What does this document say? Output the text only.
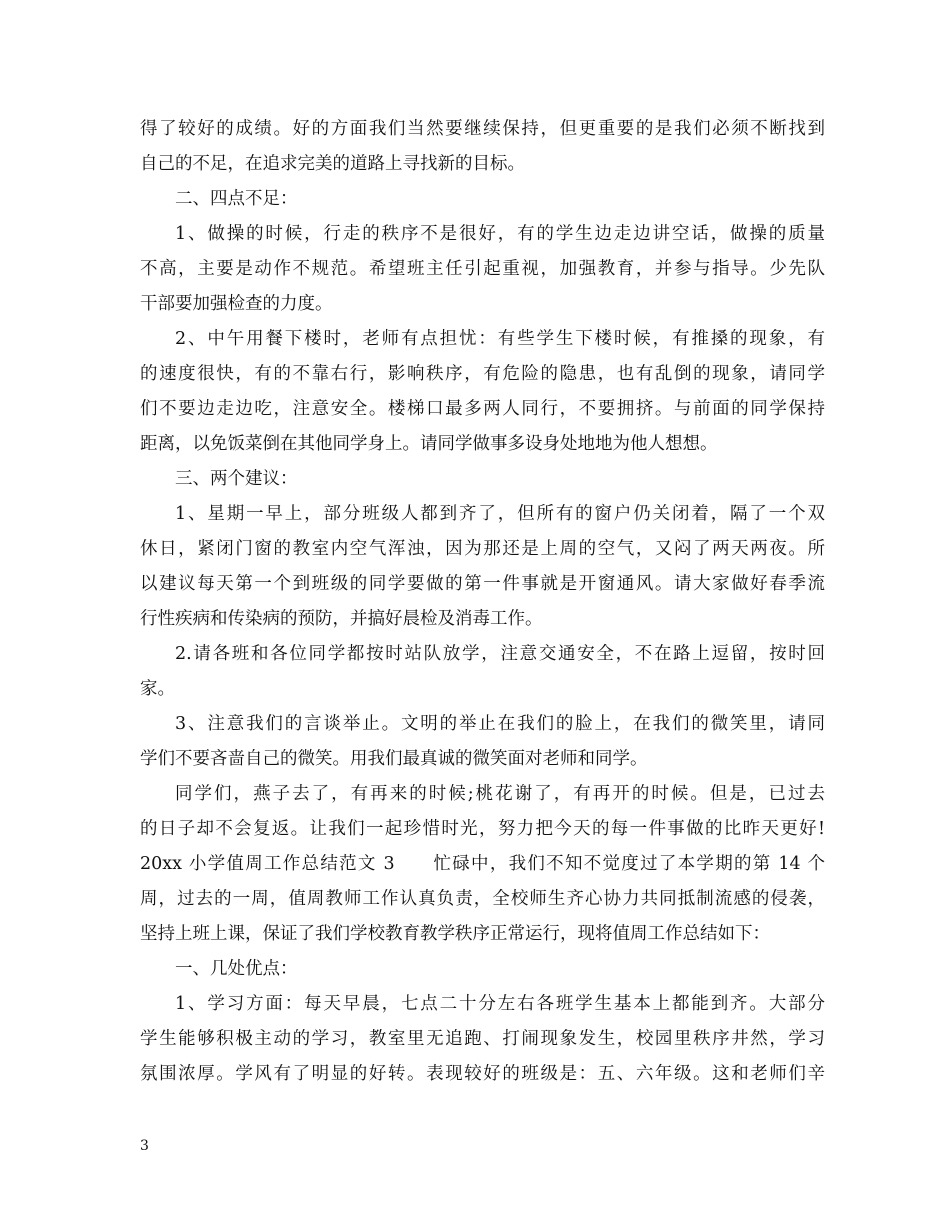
得了较好的成绩。好的方面我们当然要继续保持，但更重要的是我们必须不断找到
自己的不足，在追求完美的道路上寻找新的目标。
二、四点不足：
1、做操的时候，行走的秩序不是很好，有的学生边走边讲空话，做操的质量
不高，主要是动作不规范。希望班主任引起重视，加强教育，并参与指导。少先队
干部要加强检查的力度。
2、中午用餐下楼时，老师有点担忧：有些学生下楼时候，有推搡的现象，有
的速度很快，有的不靠右行，影响秩序，有危险的隐患，也有乱倒的现象，请同学
们不要边走边吃，注意安全。楼梯口最多两人同行，不要拥挤。与前面的同学保持
距离，以免饭菜倒在其他同学身上。请同学做事多设身处地地为他人想想。
三、两个建议：
1、星期一早上，部分班级人都到齐了，但所有的窗户仍关闭着，隔了一个双
休日，紧闭门窗的教室内空气浑浊，因为那还是上周的空气，又闷了两天两夜。所
以建议每天第一个到班级的同学要做的第一件事就是开窗通风。请大家做好春季流
行性疾病和传染病的预防，并搞好晨检及消毒工作。
2.请各班和各位同学都按时站队放学，注意交通安全，不在路上逗留，按时回
家。
3、注意我们的言谈举止。文明的举止在我们的脸上，在我们的微笑里，请同
学们不要吝啬自己的微笑。用我们最真诚的微笑面对老师和同学。
同学们，燕子去了，有再来的时候;桃花谢了，有再开的时候。但是，已过去
的日子却不会复返。让我们一起珍惜时光，努力把今天的每一件事做的比昨天更好!
20xx 小学值周工作总结范文 3　　忙碌中，我们不知不觉度过了本学期的第 14 个
周，过去的一周，值周教师工作认真负责，全校师生齐心协力共同抵制流感的侵袭，
坚持上班上课，保证了我们学校教育教学秩序正常运行，现将值周工作总结如下：
一、几处优点：
1、学习方面：每天早晨，七点二十分左右各班学生基本上都能到齐。大部分
学生能够积极主动的学习，教室里无追跑、打闹现象发生，校园里秩序井然，学习
氛围浓厚。学风有了明显的好转。表现较好的班级是：五、六年级。这和老师们辛
3
